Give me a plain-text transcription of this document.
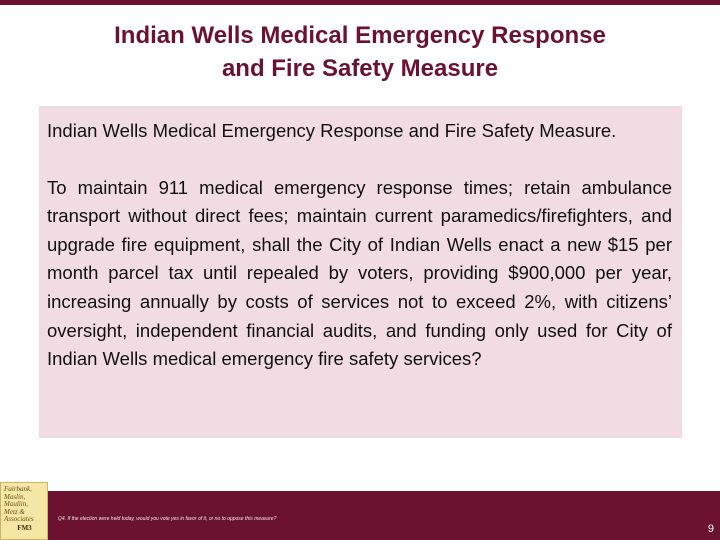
Indian Wells Medical Emergency Response
and Fire Safety Measure

Indian Wells Medical Emergency Response and Fire Safety Measure.

To maintain 911 medical emergency response times; retain ambulance transport without direct fees; maintain current paramedics/firefighters, and upgrade fire equipment, shall the City of Indian Wells enact a new $15 per month parcel tax until repealed by voters, providing $900,000 per year, increasing annually by costs of services not to exceed 2%, with citizens’ oversight, independent financial audits, and funding only used for City of Indian Wells medical emergency fire safety services?

Fairbank,
Maslin,
Maullin,
Metz &
Associates
FM3
Q4. If the election were held today, would you vote yes in favor of it, or no to oppose this measure?
9
